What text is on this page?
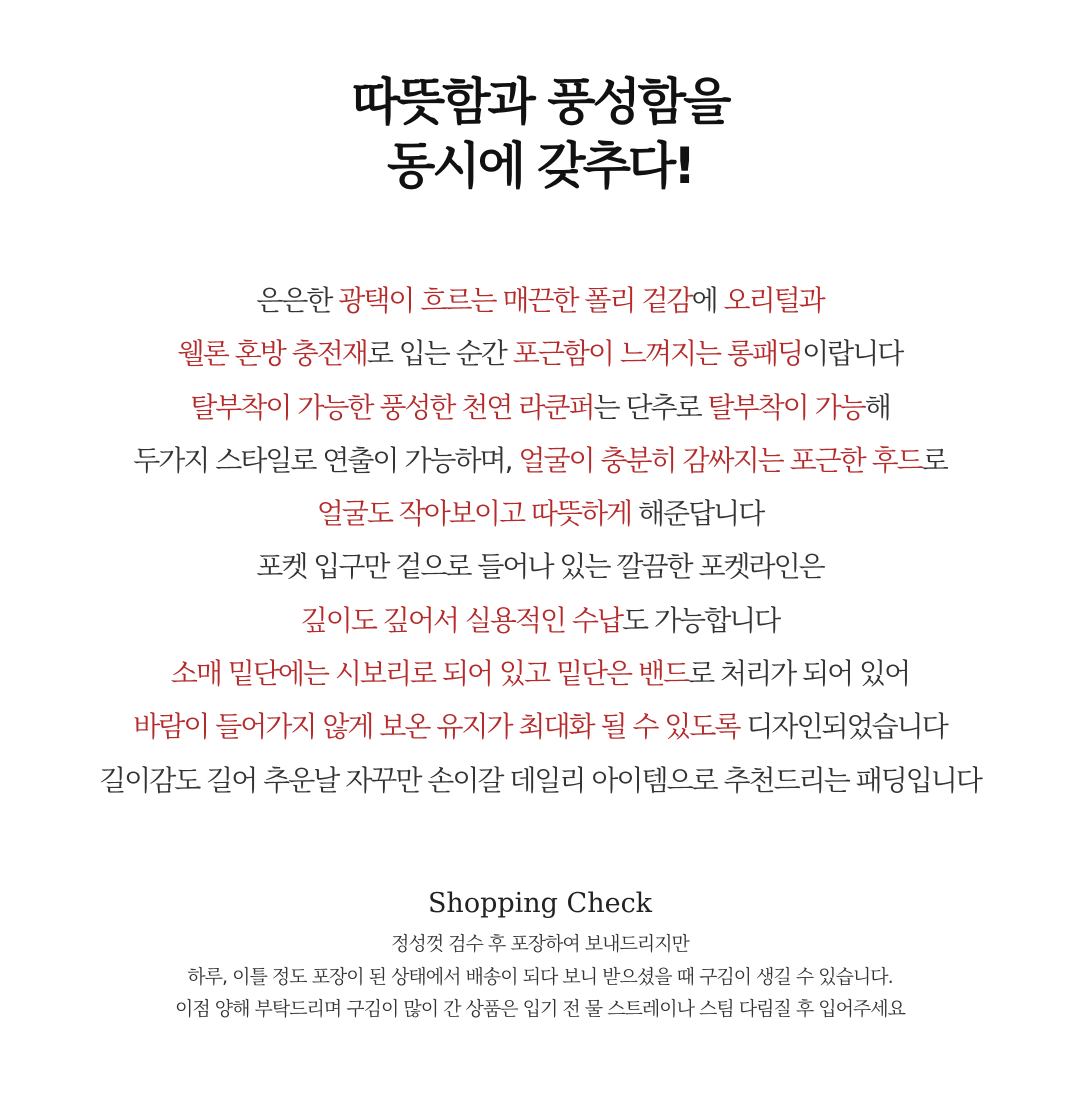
따뜻함과 풍성함을
동시에 갖추다!
은은한 광택이 흐르는 매끈한 폴리 겉감에 오리털과
웰론 혼방 충전재로 입는 순간 포근함이 느껴지는 롱패딩이랍니다
탈부착이 가능한 풍성한 천연 라쿤퍼는 단추로 탈부착이 가능해
두가지 스타일로 연출이 가능하며, 얼굴이 충분히 감싸지는 포근한 후드로
얼굴도 작아보이고 따뜻하게 해준답니다
포켓 입구만 겉으로 들어나 있는 깔끔한 포켓라인은
깊이도 깊어서 실용적인 수납도 가능합니다
소매 밑단에는 시보리로 되어 있고 밑단은 밴드로 처리가 되어 있어
바람이 들어가지 않게 보온 유지가 최대화 될 수 있도록 디자인되었습니다
길이감도 길어 추운날 자꾸만 손이갈 데일리 아이템으로 추천드리는 패딩입니다
Shopping Check
정성껏 검수 후 포장하여 보내드리지만
하루, 이틀 정도 포장이 된 상태에서 배송이 되다 보니 받으셨을 때 구김이 생길 수 있습니다.
이점 양해 부탁드리며 구김이 많이 간 상품은 입기 전 물 스트레이나 스팀 다림질 후 입어주세요
